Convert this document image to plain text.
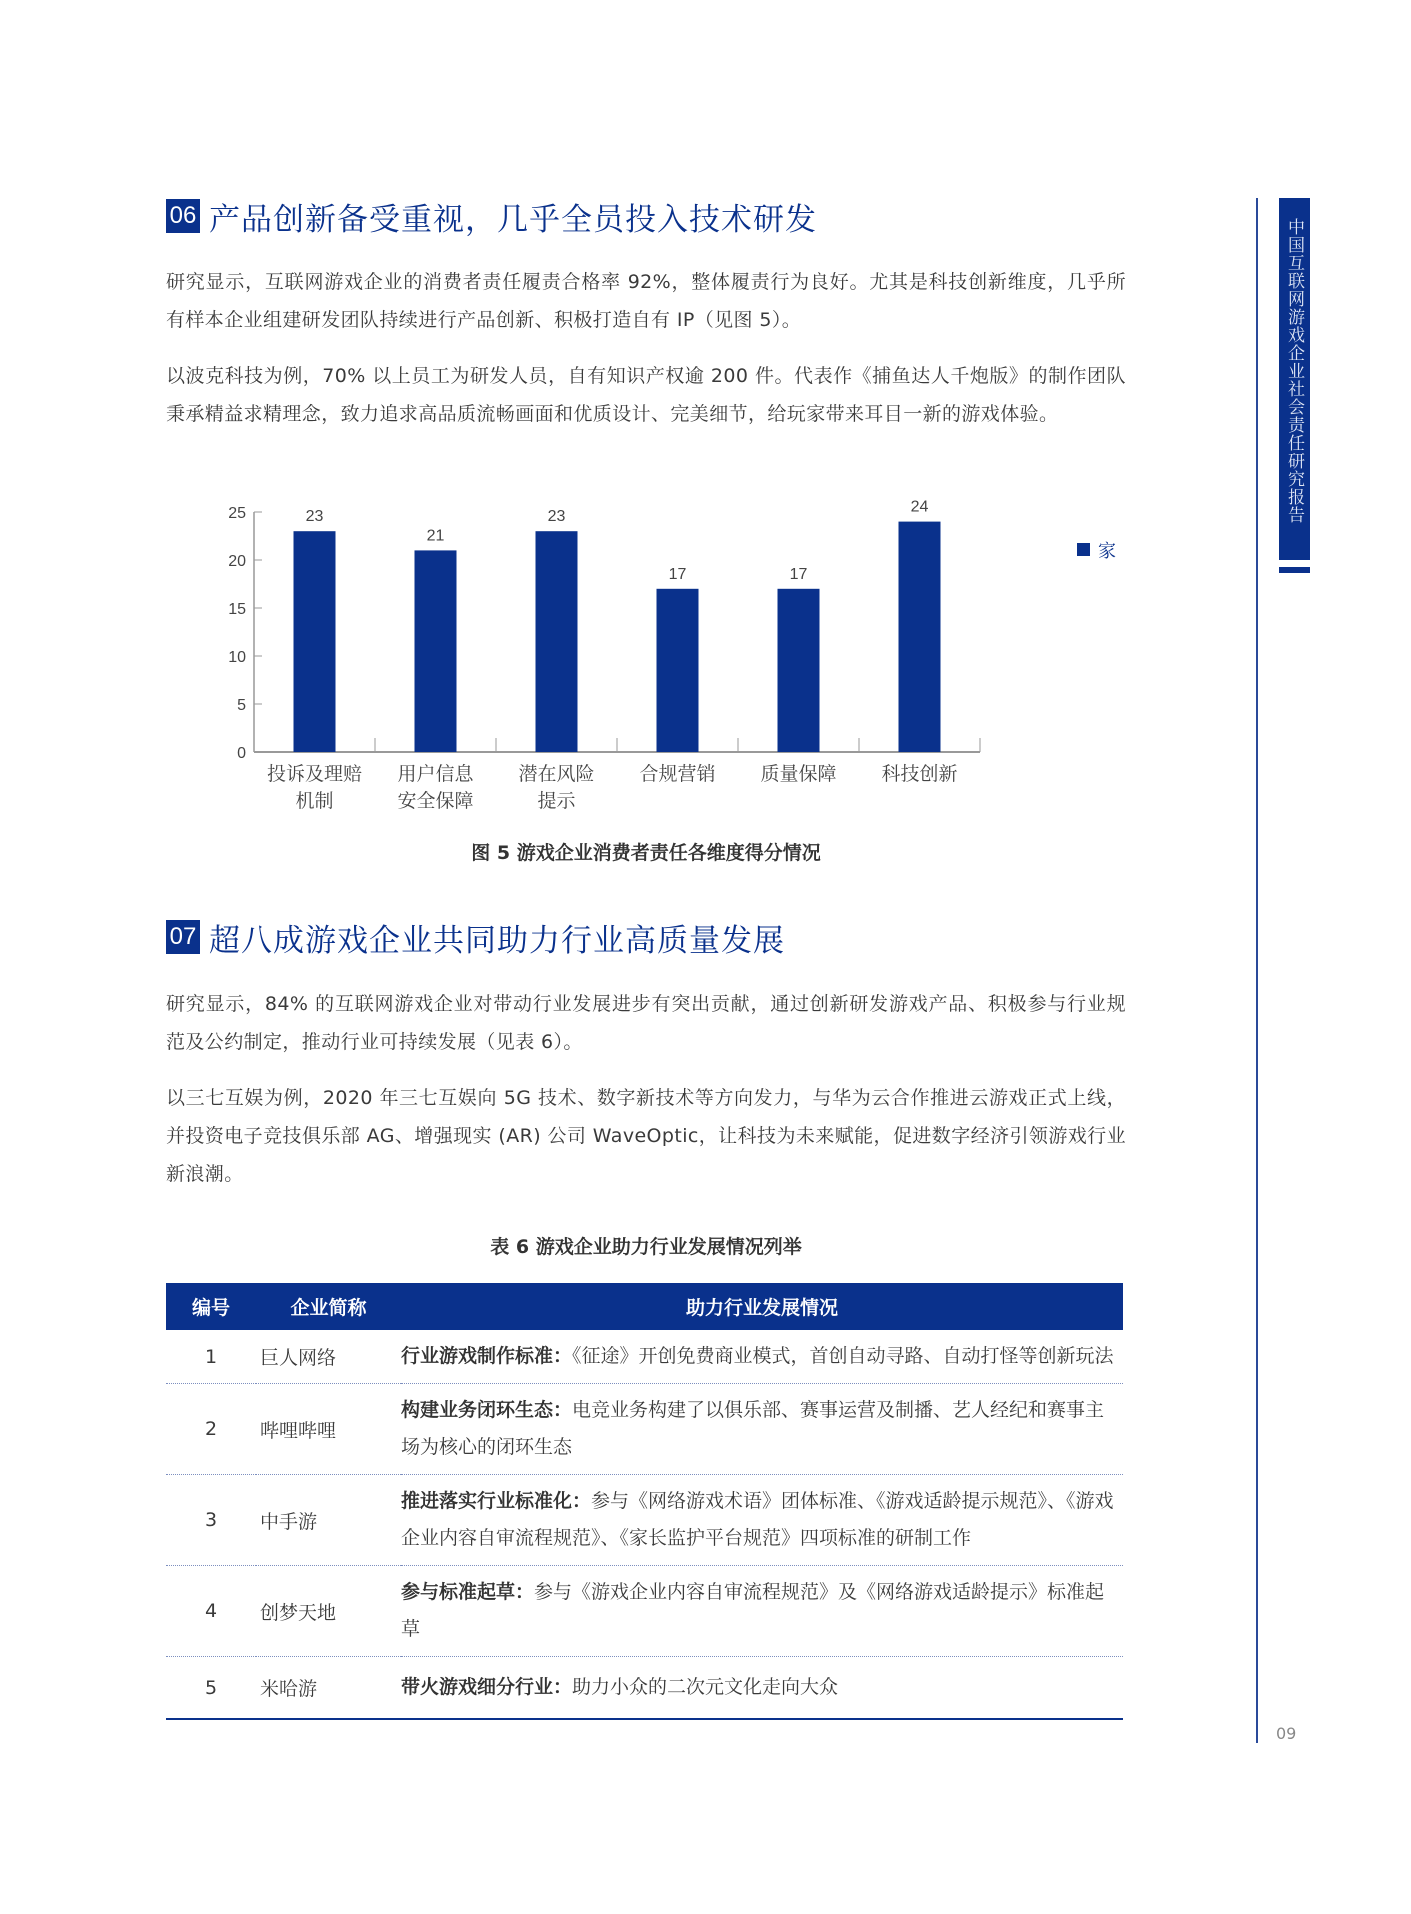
中国互联网游戏企业社会责任研究报告
09
06 产品创新备受重视，几乎全员投入技术研发
研究显示，互联网游戏企业的消费者责任履责合格率 92%，整体履责行为良好。尤其是科技创新维度，几乎所有样本企业组建研发团队持续进行产品创新、积极打造自有 IP（见图 5）。
以波克科技为例，70% 以上员工为研发人员，自有知识产权逾 200 件。代表作《捕鱼达人千炮版》的制作团队秉承精益求精理念，致力追求高品质流畅画面和优质设计、完美细节，给玩家带来耳目一新的游戏体验。
0
5
10
15
20
25	23
投诉及理赔
机制
21
用户信息
安全保障
23
潜在风险
提示
17
合规营销
17
质量保障
24
科技创新
家
图 5 游戏企业消费者责任各维度得分情况
07 超八成游戏企业共同助力行业高质量发展
研究显示，84% 的互联网游戏企业对带动行业发展进步有突出贡献，通过创新研发游戏产品、积极参与行业规范及公约制定，推动行业可持续发展（见表 6）。
以三七互娱为例，2020 年三七互娱向 5G 技术、数字新技术等方向发力，与华为云合作推进云游戏正式上线，并投资电子竞技俱乐部 AG、增强现实 (AR) 公司 WaveOptic，让科技为未来赋能，促进数字经济引领游戏行业新浪潮。
表 6 游戏企业助力行业发展情况列举
编号	企业简称	助力行业发展情况
1	巨人网络	行业游戏制作标准：《征途》开创免费商业模式，首创自动寻路、自动打怪等创新玩法
2	哔哩哔哩	构建业务闭环生态：电竞业务构建了以俱乐部、赛事运营及制播、艺人经纪和赛事主场为核心的闭环生态
3	中手游	推进落实行业标准化：参与《网络游戏术语》团体标准、《游戏适龄提示规范》、《游戏企业内容自审流程规范》、《家长监护平台规范》四项标准的研制工作
4	创梦天地	参与标准起草：参与《游戏企业内容自审流程规范》及《网络游戏适龄提示》标准起草
5	米哈游	带火游戏细分行业：助力小众的二次元文化走向大众
